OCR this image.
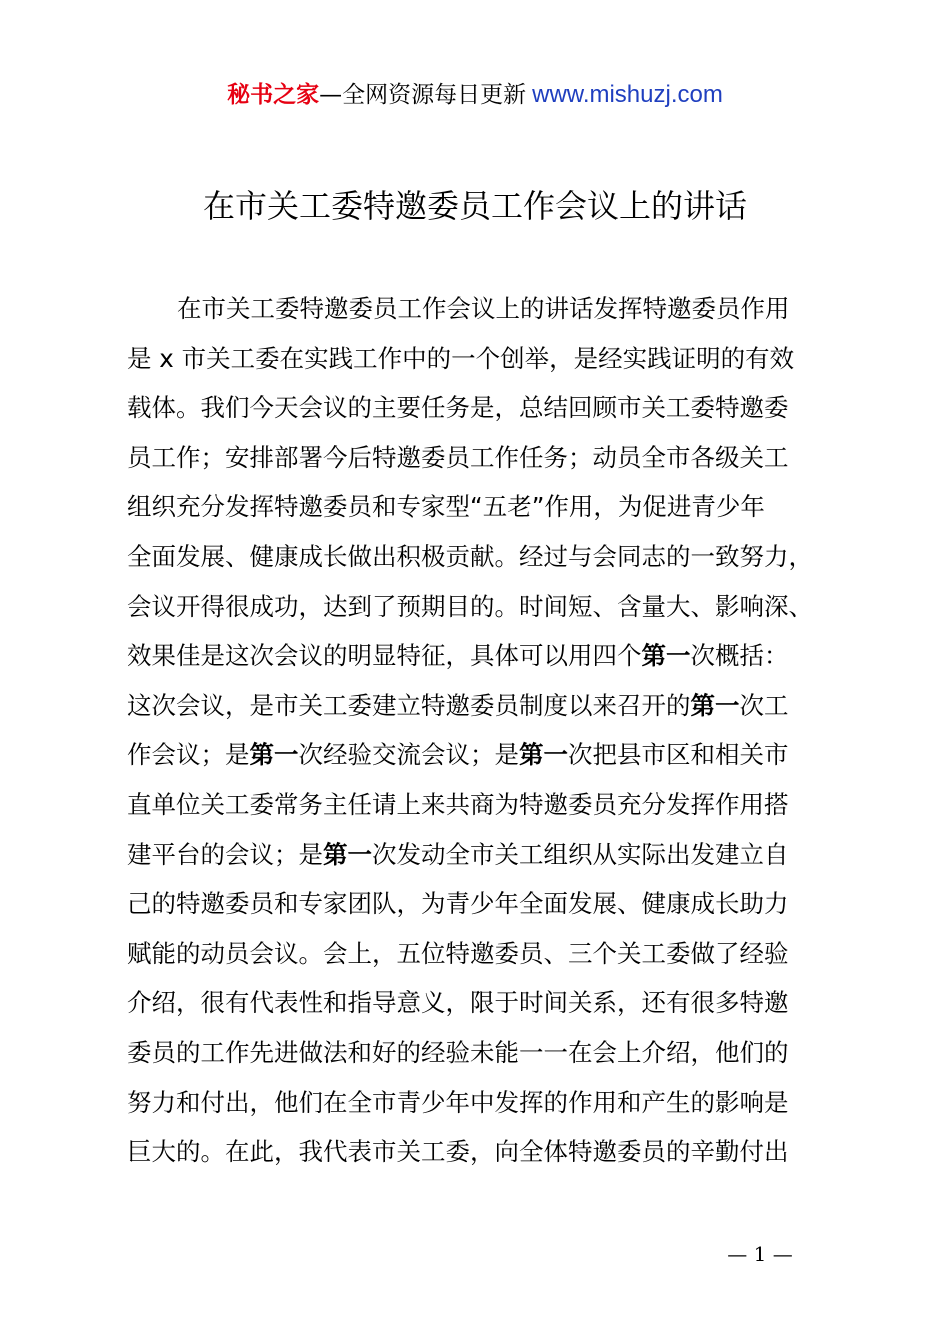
秘书之家—全网资源每日更新 www.mishuzj.com
在市关工委特邀委员工作会议上的讲话
在市关工委特邀委员工作会议上的讲话发挥特邀委员作用
是 x 市关工委在实践工作中的一个创举，是经实践证明的有效
载体。我们今天会议的主要任务是，总结回顾市关工委特邀委
员工作；安排部署今后特邀委员工作任务；动员全市各级关工
组织充分发挥特邀委员和专家型“五老”作用，为促进青少年
全面发展、健康成长做出积极贡献。经过与会同志的一致努力，
会议开得很成功，达到了预期目的。时间短、含量大、影响深、
效果佳是这次会议的明显特征，具体可以用四个第一次概括：
这次会议，是市关工委建立特邀委员制度以来召开的第一次工
作会议；是第一次经验交流会议；是第一次把县市区和相关市
直单位关工委常务主任请上来共商为特邀委员充分发挥作用搭
建平台的会议；是第一次发动全市关工组织从实际出发建立自
己的特邀委员和专家团队，为青少年全面发展、健康成长助力
赋能的动员会议。会上，五位特邀委员、三个关工委做了经验
介绍，很有代表性和指导意义，限于时间关系，还有很多特邀
委员的工作先进做法和好的经验未能一一在会上介绍，他们的
努力和付出，他们在全市青少年中发挥的作用和产生的影响是
巨大的。在此，我代表市关工委，向全体特邀委员的辛勤付出
— 1 —
